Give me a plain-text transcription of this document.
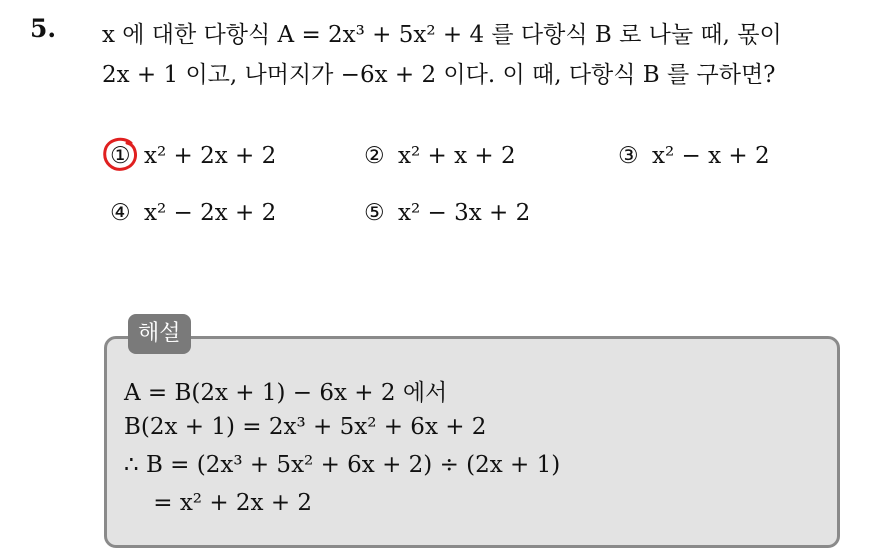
5. x 에 대한 다항식 A = 2x³ + 5x² + 4 를 다항식 B 로 나눌 때, 몫이
2x + 1 이고, 나머지가 −6x + 2 이다. 이 때, 다항식 B 를 구하면?
① x² + 2x + 2	② x² + x + 2	③ x² − x + 2
④ x² − 2x + 2	⑤ x² − 3x + 2
해설
A = B(2x + 1) − 6x + 2 에서
B(2x + 1) = 2x³ + 5x² + 6x + 2
∴ B = (2x³ + 5x² + 6x + 2) ÷ (2x + 1)
= x² + 2x + 2
